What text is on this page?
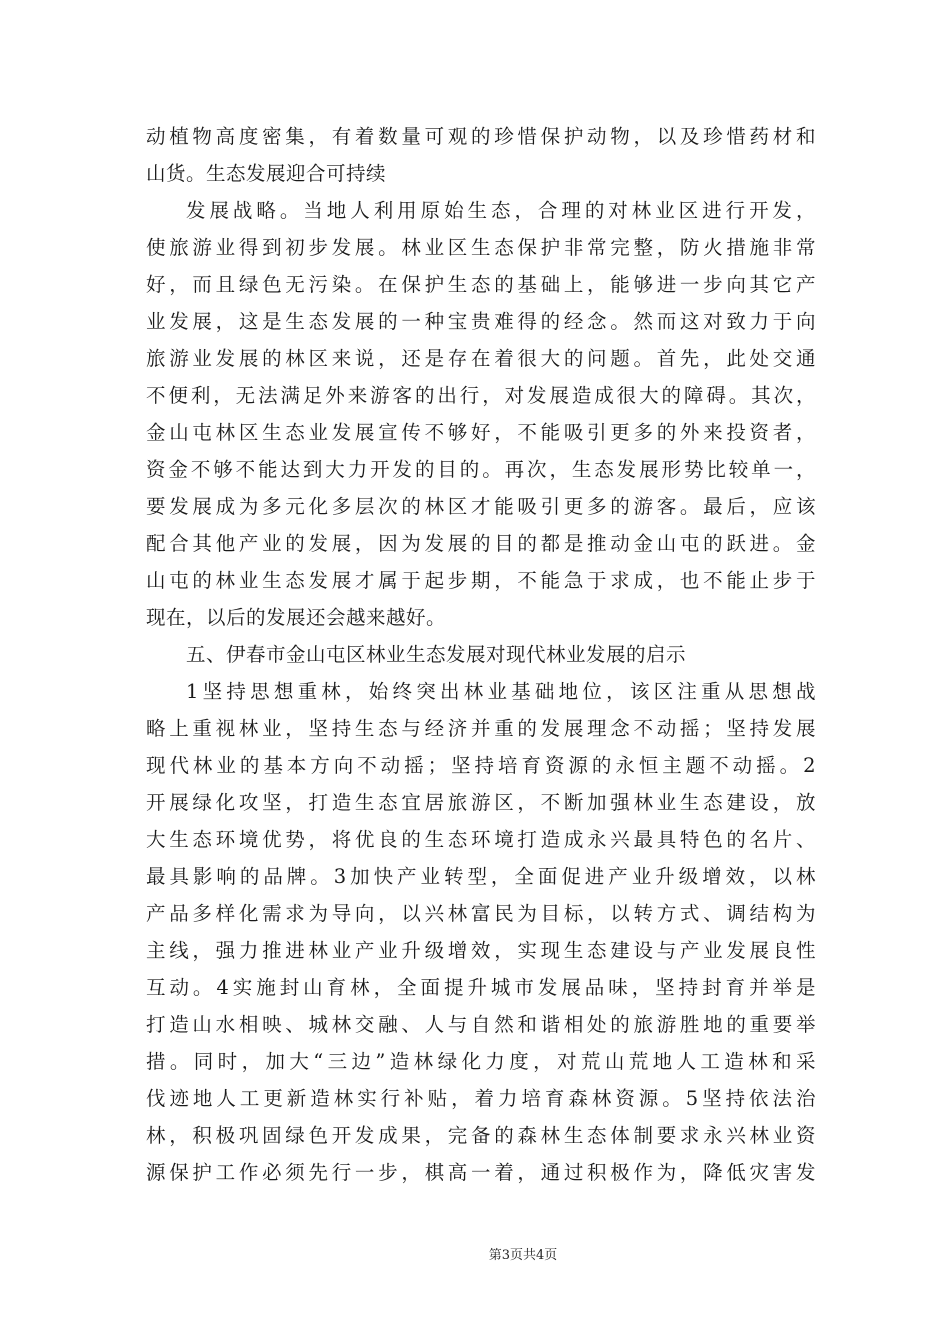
动植物高度密集，有着数量可观的珍惜保护动物，以及珍惜药材和
山货。生态发展迎合可持续
发展战略。当地人利用原始生态，合理的对林业区进行开发，
使旅游业得到初步发展。林业区生态保护非常完整，防火措施非常
好，而且绿色无污染。在保护生态的基础上，能够进一步向其它产
业发展，这是生态发展的一种宝贵难得的经念。然而这对致力于向
旅游业发展的林区来说，还是存在着很大的问题。首先，此处交通
不便利，无法满足外来游客的出行，对发展造成很大的障碍。其次，
金山屯林区生态业发展宣传不够好，不能吸引更多的外来投资者，
资金不够不能达到大力开发的目的。再次，生态发展形势比较单一，
要发展成为多元化多层次的林区才能吸引更多的游客。最后，应该
配合其他产业的发展，因为发展的目的都是推动金山屯的跃进。金
山屯的林业生态发展才属于起步期，不能急于求成，也不能止步于
现在，以后的发展还会越来越好。
五、伊春市金山屯区林业生态发展对现代林业发展的启示
1坚持思想重林，始终突出林业基础地位，该区注重从思想战
略上重视林业，坚持生态与经济并重的发展理念不动摇；坚持发展
现代林业的基本方向不动摇；坚持培育资源的永恒主题不动摇。2
开展绿化攻坚，打造生态宜居旅游区，不断加强林业生态建设，放
大生态环境优势，将优良的生态环境打造成永兴最具特色的名片、
最具影响的品牌。3加快产业转型，全面促进产业升级增效，以林
产品多样化需求为导向，以兴林富民为目标，以转方式、调结构为
主线，强力推进林业产业升级增效，实现生态建设与产业发展良性
互动。4实施封山育林，全面提升城市发展品味，坚持封育并举是
打造山水相映、城林交融、人与自然和谐相处的旅游胜地的重要举
措。同时，加大“三边”造林绿化力度，对荒山荒地人工造林和采
伐迹地人工更新造林实行补贴，着力培育森林资源。5坚持依法治
林，积极巩固绿色开发成果，完备的森林生态体制要求永兴林业资
源保护工作必须先行一步，棋高一着，通过积极作为，降低灾害发
第3页共4页
